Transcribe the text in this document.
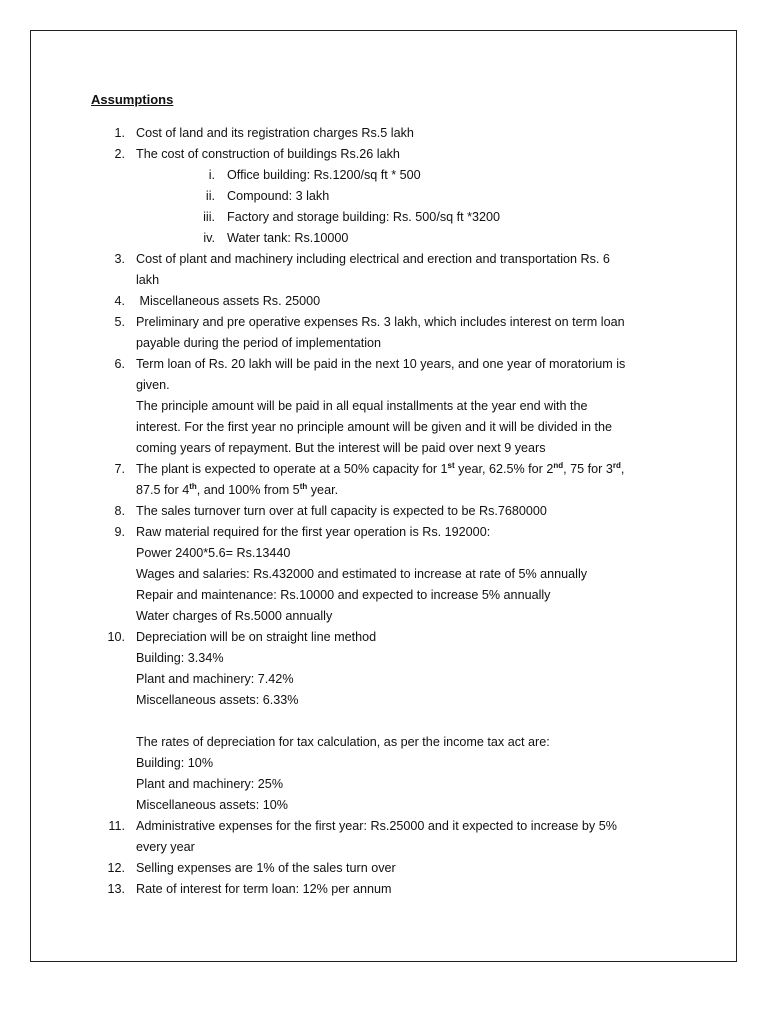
Assumptions
1. Cost of land and its registration charges Rs.5 lakh
2. The cost of construction of buildings Rs.26 lakh
i. Office building: Rs.1200/sq ft * 500
ii. Compound: 3 lakh
iii. Factory and storage building: Rs. 500/sq ft *3200
iv. Water tank: Rs.10000
3. Cost of plant and machinery including electrical and erection and transportation Rs. 6
lakh
4. Miscellaneous assets Rs. 25000
5. Preliminary and pre operative expenses Rs. 3 lakh, which includes interest on term loan
payable during the period of implementation
6. Term loan of Rs. 20 lakh will be paid in the next 10 years, and one year of moratorium is
given.
The principle amount will be paid in all equal installments at the year end with the
interest. For the first year no principle amount will be given and it will be divided in the
coming years of repayment. But the interest will be paid over next 9 years
7. The plant is expected to operate at a 50% capacity for 1st year, 62.5% for 2nd, 75 for 3rd,
87.5 for 4th, and 100% from 5th year.
8. The sales turnover turn over at full capacity is expected to be Rs.7680000
9. Raw material required for the first year operation is Rs. 192000:
Power 2400*5.6= Rs.13440
Wages and salaries: Rs.432000 and estimated to increase at rate of 5% annually
Repair and maintenance: Rs.10000 and expected to increase 5% annually
Water charges of Rs.5000 annually
10. Depreciation will be on straight line method
Building: 3.34%
Plant and machinery: 7.42%
Miscellaneous assets: 6.33%
The rates of depreciation for tax calculation, as per the income tax act are:
Building: 10%
Plant and machinery: 25%
Miscellaneous assets: 10%
11. Administrative expenses for the first year: Rs.25000 and it expected to increase by 5%
every year
12. Selling expenses are 1% of the sales turn over
13. Rate of interest for term loan: 12% per annum
